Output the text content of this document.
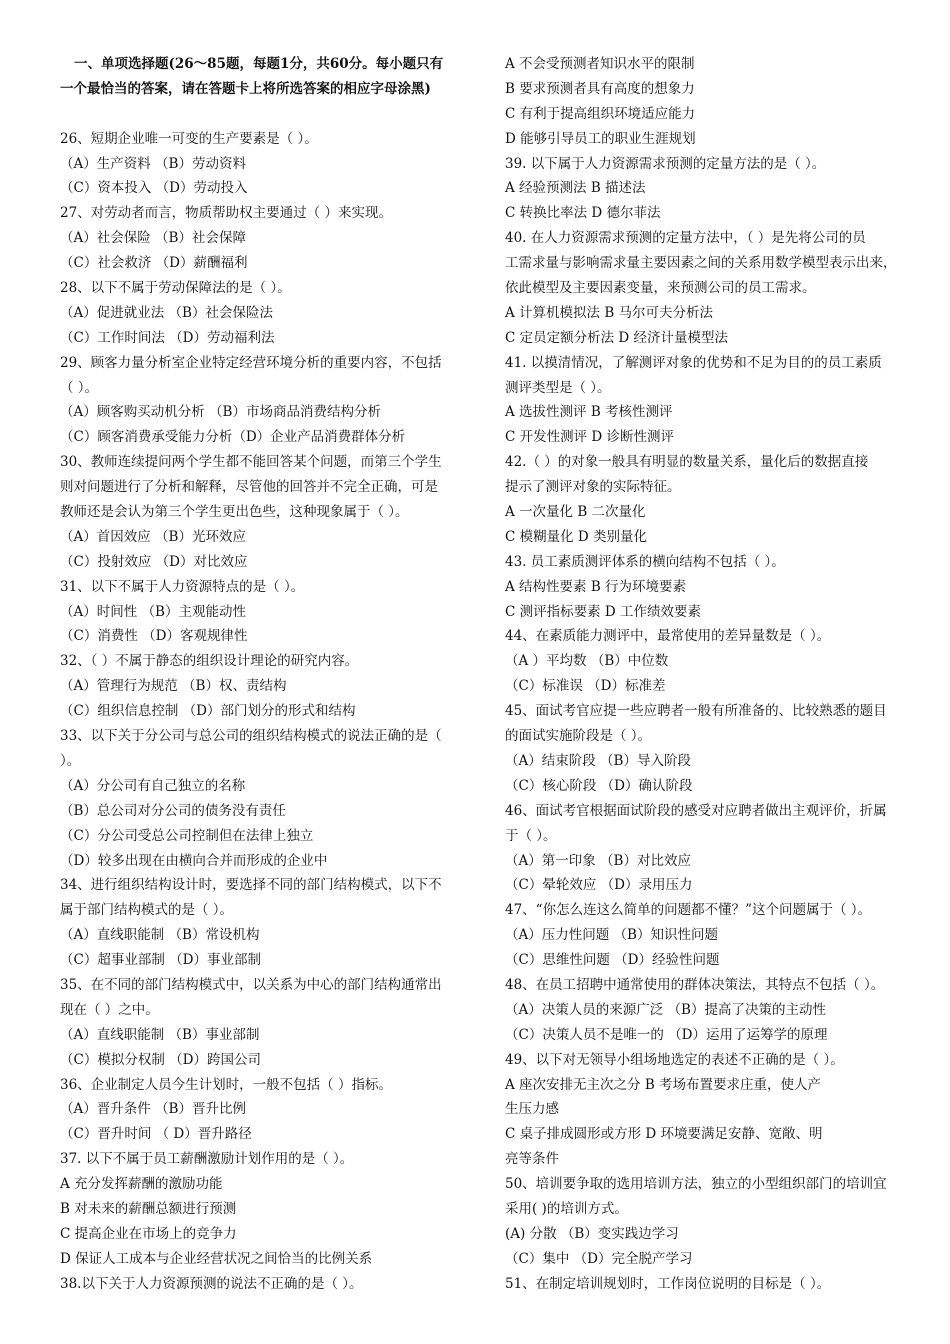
一、单项选择题(26～85题，每题1分，共60分。每小题只有
一个最恰当的答案，请在答题卡上将所选答案的相应字母涂黑)
26、短期企业唯一可变的生产要素是（ ）。
（A）生产资料 （B）劳动资料
（C）资本投入 （D）劳动投入
27、对劳动者而言，物质帮助权主要通过（ ）来实现。
（A）社会保险 （B）社会保障
（C）社会救济 （D）薪酬福利
28、以下不属于劳动保障法的是（ ）。
（A）促进就业法 （B）社会保险法
（C）工作时间法 （D）劳动福利法
29、顾客力量分析室企业特定经营环境分析的重要内容，不包括
（ ）。
（A）顾客购买动机分析 （B）市场商品消费结构分析
（C）顾客消费承受能力分析（D）企业产品消费群体分析
30、教师连续提问两个学生都不能回答某个问题，而第三个学生
则对问题进行了分析和解释，尽管他的回答并不完全正确，可是
教师还是会认为第三个学生更出色些，这种现象属于（ ）。
（A）首因效应 （B）光环效应
（C）投射效应 （D）对比效应
31、以下不属于人力资源特点的是（ ）。
（A）时间性 （B）主观能动性
（C）消费性 （D）客观规律性
32、（ ）不属于静态的组织设计理论的研究内容。
（A）管理行为规范 （B）权、责结构
（C）组织信息控制 （D）部门划分的形式和结构
33、以下关于分公司与总公司的组织结构模式的说法正确的是（
）。
（A）分公司有自己独立的名称
（B）总公司对分公司的债务没有责任
（C）分公司受总公司控制但在法律上独立
（D）较多出现在由横向合并而形成的企业中
34、进行组织结构设计时，要选择不同的部门结构模式，以下不
属于部门结构模式的是（ ）。
（A）直线职能制 （B）常设机构
（C）超事业部制 （D）事业部制
35、在不同的部门结构模式中，以关系为中心的部门结构通常出
现在（ ）之中。
（A）直线职能制 （B）事业部制
（C）模拟分权制 （D）跨国公司
36、企业制定人员今生计划时，一般不包括（ ）指标。
（A）晋升条件 （B）晋升比例
（C）晋升时间 （ D）晋升路径
37. 以下不属于员工薪酬激励计划作用的是（ ）。
A 充分发挥薪酬的激励功能
B 对未来的薪酬总额进行预测
C 提高企业在市场上的竞争力
D 保证人工成本与企业经营状况之间恰当的比例关系
38.以下关于人力资源预测的说法不正确的是（ ）。
A 不会受预测者知识水平的限制
B 要求预测者具有高度的想象力
C 有利于提高组织环境适应能力
D 能够引导员工的职业生涯规划
39. 以下属于人力资源需求预测的定量方法的是（ ）。
A 经验预测法 B 描述法
C 转换比率法 D 德尔菲法
40. 在人力资源需求预测的定量方法中，（ ）是先将公司的员
工需求量与影响需求量主要因素之间的关系用数学模型表示出来，
依此模型及主要因素变量，来预测公司的员工需求。
A 计算机模拟法 B 马尔可夫分析法
C 定员定额分析法 D 经济计量模型法
41. 以摸清情况，了解测评对象的优势和不足为目的的员工素质
测评类型是（ ）。
A 选拔性测评 B 考核性测评
C 开发性测评 D 诊断性测评
42.（ ）的对象一般具有明显的数量关系，量化后的数据直接
提示了测评对象的实际特征。
A 一次量化 B 二次量化
C 模糊量化 D 类别量化
43. 员工素质测评体系的横向结构不包括（ ）。
A 结构性要素 B 行为环境要素
C 测评指标要素 D 工作绩效要素
44、在素质能力测评中，最常使用的差异量数是（ ）。
（A ）平均数 （B）中位数
（C）标准误 （D）标准差
45、面试考官应提一些应聘者一般有所准备的、比较熟悉的题目
的面试实施阶段是（ ）。
（A）结束阶段 （B）导入阶段
（C）核心阶段 （D）确认阶段
46、面试考官根据面试阶段的感受对应聘者做出主观评价，折属
于（ ）。
（A）第一印象 （B）对比效应
（C）晕轮效应 （D）录用压力
47、“你怎么连这么简单的问题都不懂？”这个问题属于（ ）。
（A）压力性问题 （B）知识性问题
（C）思维性问题 （D）经验性问题
48、在员工招聘中通常使用的群体决策法，其特点不包括（ ）。
（A）决策人员的来源广泛 （B）提高了决策的主动性
（C）决策人员不是唯一的 （D）运用了运筹学的原理
49、以下对无领导小组场地选定的表述不正确的是（ ）。
A 座次安排无主次之分 B 考场布置要求庄重，使人产
生压力感
C 桌子排成圆形或方形 D 环境要满足安静、宽敞、明
亮等条件
50、培训要争取的选用培训方法，独立的小型组织部门的培训宜
采用( )的培训方式。
(A) 分散 （B）变实践边学习
（C）集中 （D）完全脱产学习
51、在制定培训规划时，工作岗位说明的目标是（ ）。
